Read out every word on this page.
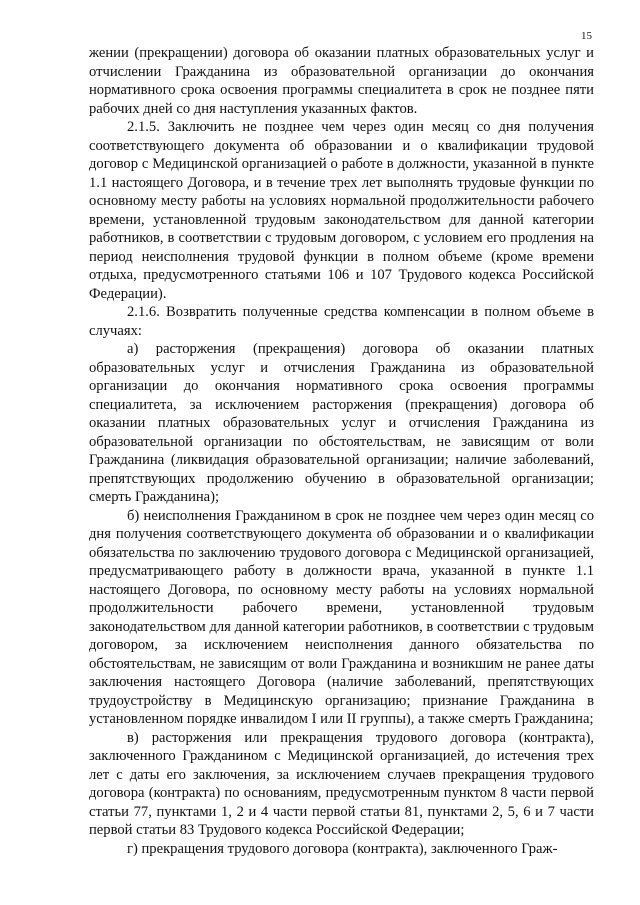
15

жении (прекращении) договора об оказании платных образовательных услуг и отчислении Гражданина из образовательной организации до окончания нормативного срока освоения программы специалитета в срок не позднее пяти рабочих дней со дня наступления указанных фактов.

2.1.5. Заключить не позднее чем через один месяц со дня получения соответствующего документа об образовании и о квалификации трудовой договор с Медицинской организацией о работе в должности, указанной в пункте 1.1 настоящего Договора, и в течение трех лет выполнять трудовые функции по основному месту работы на условиях нормальной продолжительности рабочего времени, установленной трудовым законодательством для данной категории работников, в соответствии с трудовым договором, с условием его продления на период неисполнения трудовой функции в полном объеме (кроме времени отдыха, предусмотренного статьями 106 и 107 Трудового кодекса Российской Федерации).

2.1.6. Возвратить полученные средства компенсации в полном объеме в случаях:

а) расторжения (прекращения) договора об оказании платных образовательных услуг и отчисления Гражданина из образовательной организации до окончания нормативного срока освоения программы специалитета, за исключением расторжения (прекращения) договора об оказании платных образовательных услуг и отчисления Гражданина из образовательной организации по обстоятельствам, не зависящим от воли Гражданина (ликвидация образовательной организации; наличие заболеваний, препятствующих продолжению обучению в образовательной организации; смерть Гражданина);

б) неисполнения Гражданином в срок не позднее чем через один месяц со дня получения соответствующего документа об образовании и о квалификации обязательства по заключению трудового договора с Медицинской организацией, предусматривающего работу в должности врача, указанной в пункте 1.1 настоящего Договора, по основному месту работы на условиях нормальной продолжительности рабочего времени, установленной трудовым законодательством для данной категории работников, в соответствии с трудовым договором, за исключением неисполнения данного обязательства по обстоятельствам, не зависящим от воли Гражданина и возникшим не ранее даты заключения настоящего Договора (наличие заболеваний, препятствующих трудоустройству в Медицинскую организацию; признание Гражданина в установленном порядке инвалидом I или II группы), а также смерть Гражданина;

в) расторжения или прекращения трудового договора (контракта), заключенного Гражданином с Медицинской организацией, до истечения трех лет с даты его заключения, за исключением случаев прекращения трудового договора (контракта) по основаниям, предусмотренным пунктом 8 части первой статьи 77, пунктами 1, 2 и 4 части первой статьи 81, пунктами 2, 5, 6 и 7 части первой статьи 83 Трудового кодекса Российской Федерации;

г) прекращения трудового договора (контракта), заключенного Граж-
